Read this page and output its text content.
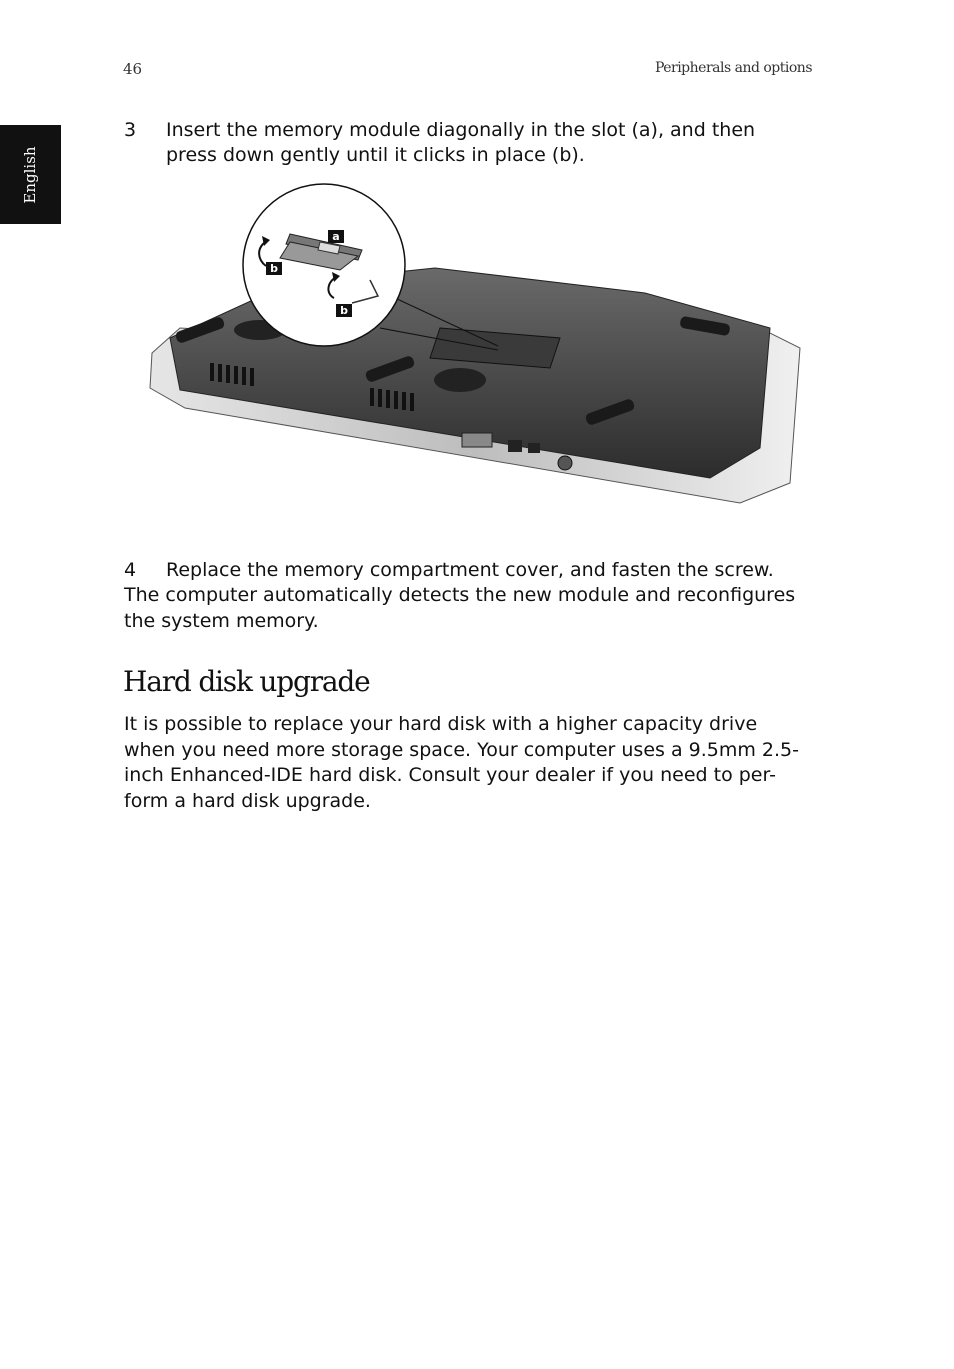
46	Peripherals and options
English
3 Insert the memory module diagonally in the slot (a), and then press down gently until it clicks in place (b).
a
b
b
4 Replace the memory compartment cover, and fasten the screw.
The computer automatically detects the new module and reconfigures the system memory.
Hard disk upgrade
It is possible to replace your hard disk with a higher capacity drive when you need more storage space. Your computer uses a 9.5mm 2.5-inch Enhanced-IDE hard disk. Consult your dealer if you need to per-form a hard disk upgrade.
